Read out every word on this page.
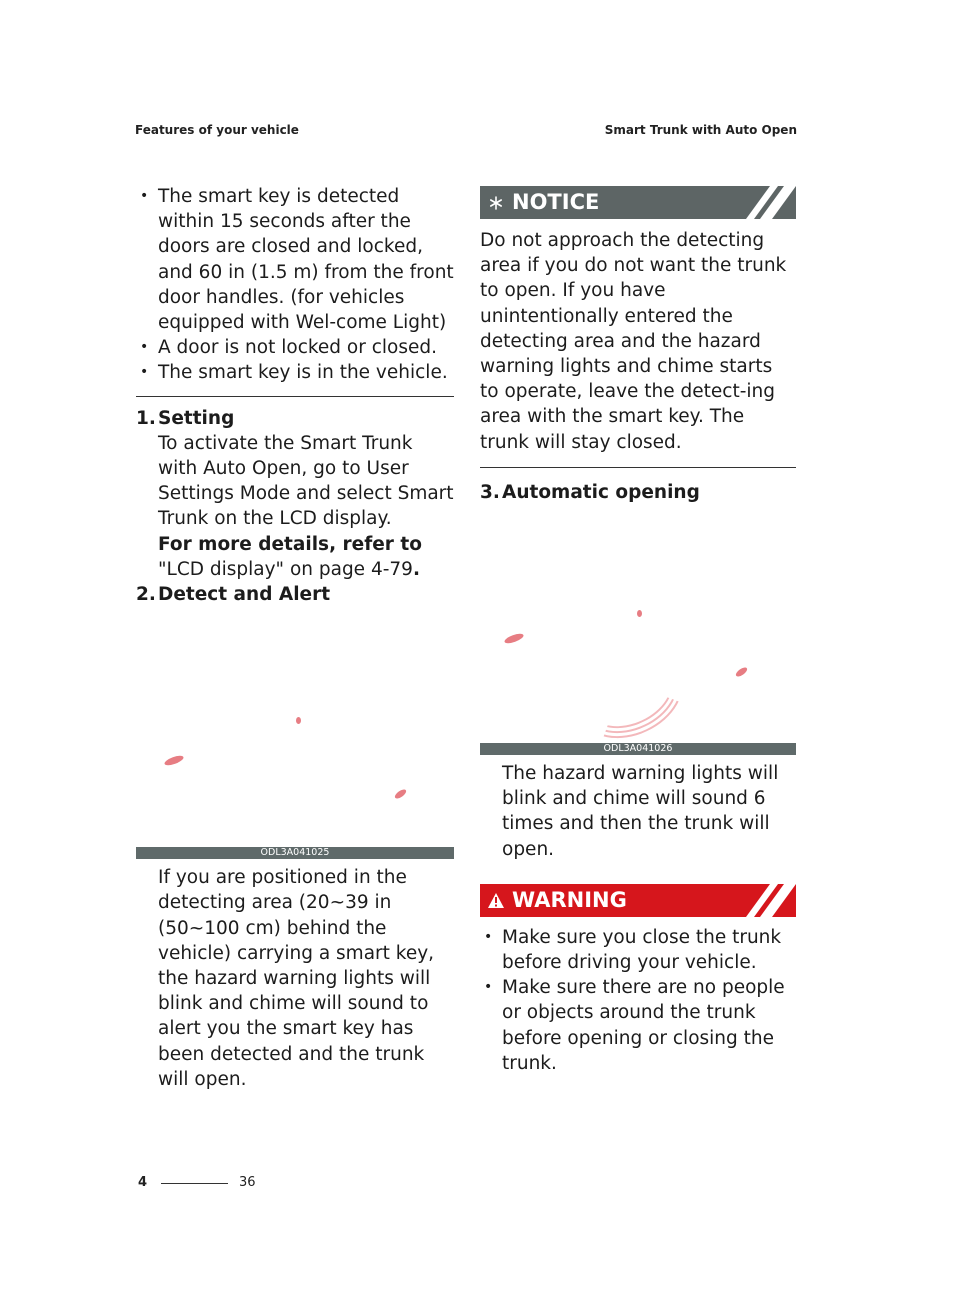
Features of your vehicle	Smart Trunk with Auto Open
• The smart key is detected within 15 seconds after the doors are closed and locked, and 60 in (1.5 m) from the front door handles. (for vehicles equipped with Wel-come Light)
• A door is not locked or closed.
• The smart key is in the vehicle.
1. Setting
To activate the Smart Trunk with Auto Open, go to User Settings Mode and select Smart Trunk on the LCD display.
For more details, refer to "LCD display" on page 4-79.
2. Detect and Alert
ODL3A041025
If you are positioned in the detecting area (20~39 in (50~100 cm) behind the vehicle) carrying a smart key, the hazard warning lights will blink and chime will sound to alert you the smart key has been detected and the trunk will open.
NOTICE
Do not approach the detecting area if you do not want the trunk to open. If you have unintentionally entered the detecting area and the hazard warning lights and chime starts to operate, leave the detect-ing area with the smart key. The trunk will stay closed.
3. Automatic opening
ODL3A041026
The hazard warning lights will blink and chime will sound 6 times and then the trunk will open.
WARNING
• Make sure you close the trunk before driving your vehicle.
• Make sure there are no people or objects around the trunk before opening or closing the trunk.
4	36
